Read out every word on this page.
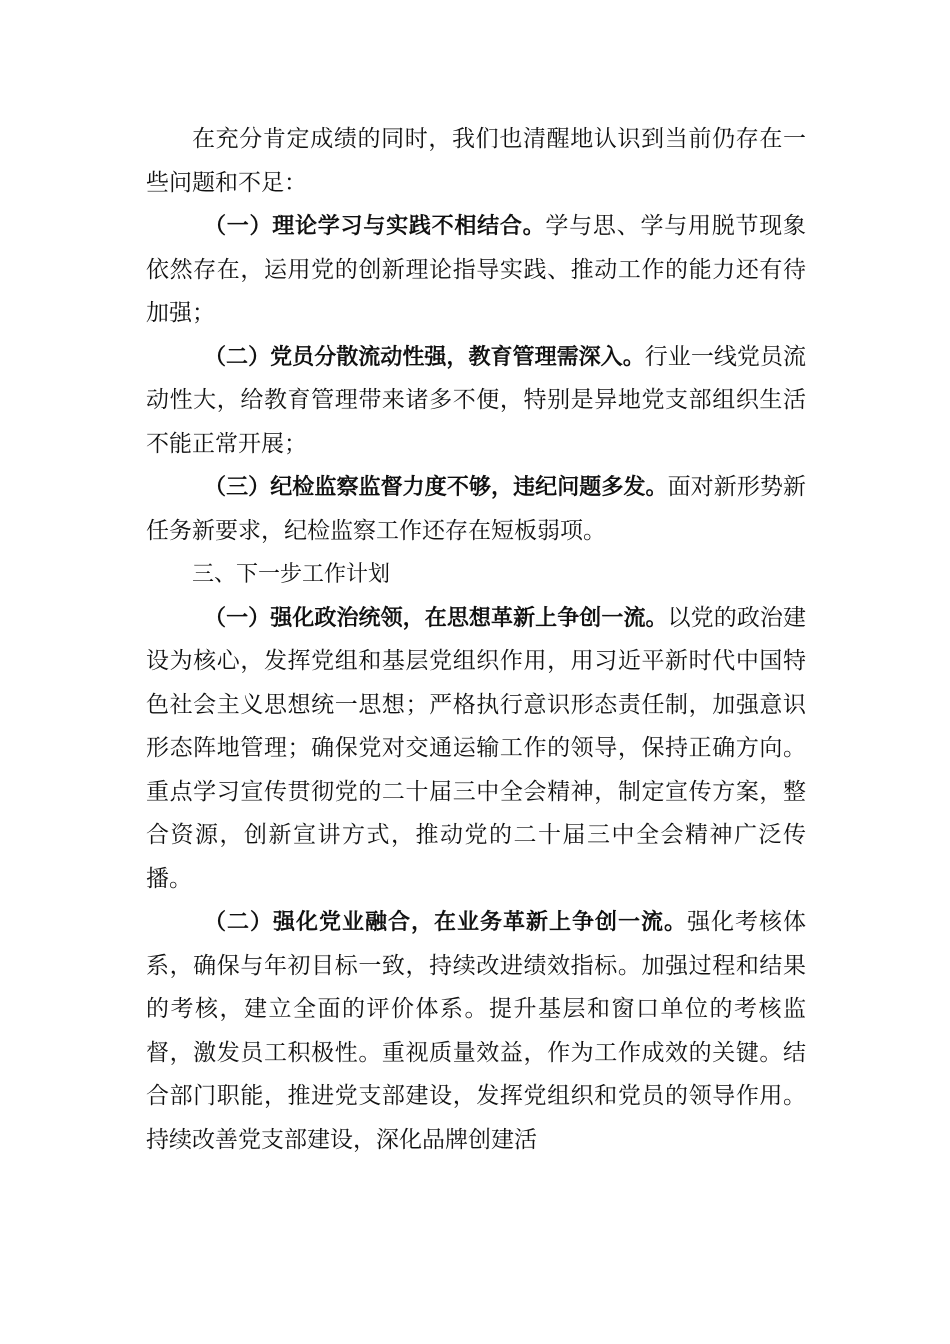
在充分肯定成绩的同时，我们也清醒地认识到当前仍存在一些问题和不足：

（一）理论学习与实践不相结合。学与思、学与用脱节现象依然存在，运用党的创新理论指导实践、推动工作的能力还有待加强；

（二）党员分散流动性强，教育管理需深入。行业一线党员流动性大，给教育管理带来诸多不便，特别是异地党支部组织生活不能正常开展；

（三）纪检监察监督力度不够，违纪问题多发。面对新形势新任务新要求，纪检监察工作还存在短板弱项。

三、下一步工作计划

（一）强化政治统领，在思想革新上争创一流。以党的政治建设为核心，发挥党组和基层党组织作用，用习近平新时代中国特色社会主义思想统一思想；严格执行意识形态责任制，加强意识形态阵地管理；确保党对交通运输工作的领导，保持正确方向。重点学习宣传贯彻党的二十届三中全会精神，制定宣传方案，整合资源，创新宣讲方式，推动党的二十届三中全会精神广泛传播。

（二）强化党业融合，在业务革新上争创一流。强化考核体系，确保与年初目标一致，持续改进绩效指标。加强过程和结果的考核，建立全面的评价体系。提升基层和窗口单位的考核监督，激发员工积极性。重视质量效益，作为工作成效的关键。结合部门职能，推进党支部建设，发挥党组织和党员的领导作用。持续改善党支部建设，深化品牌创建活
